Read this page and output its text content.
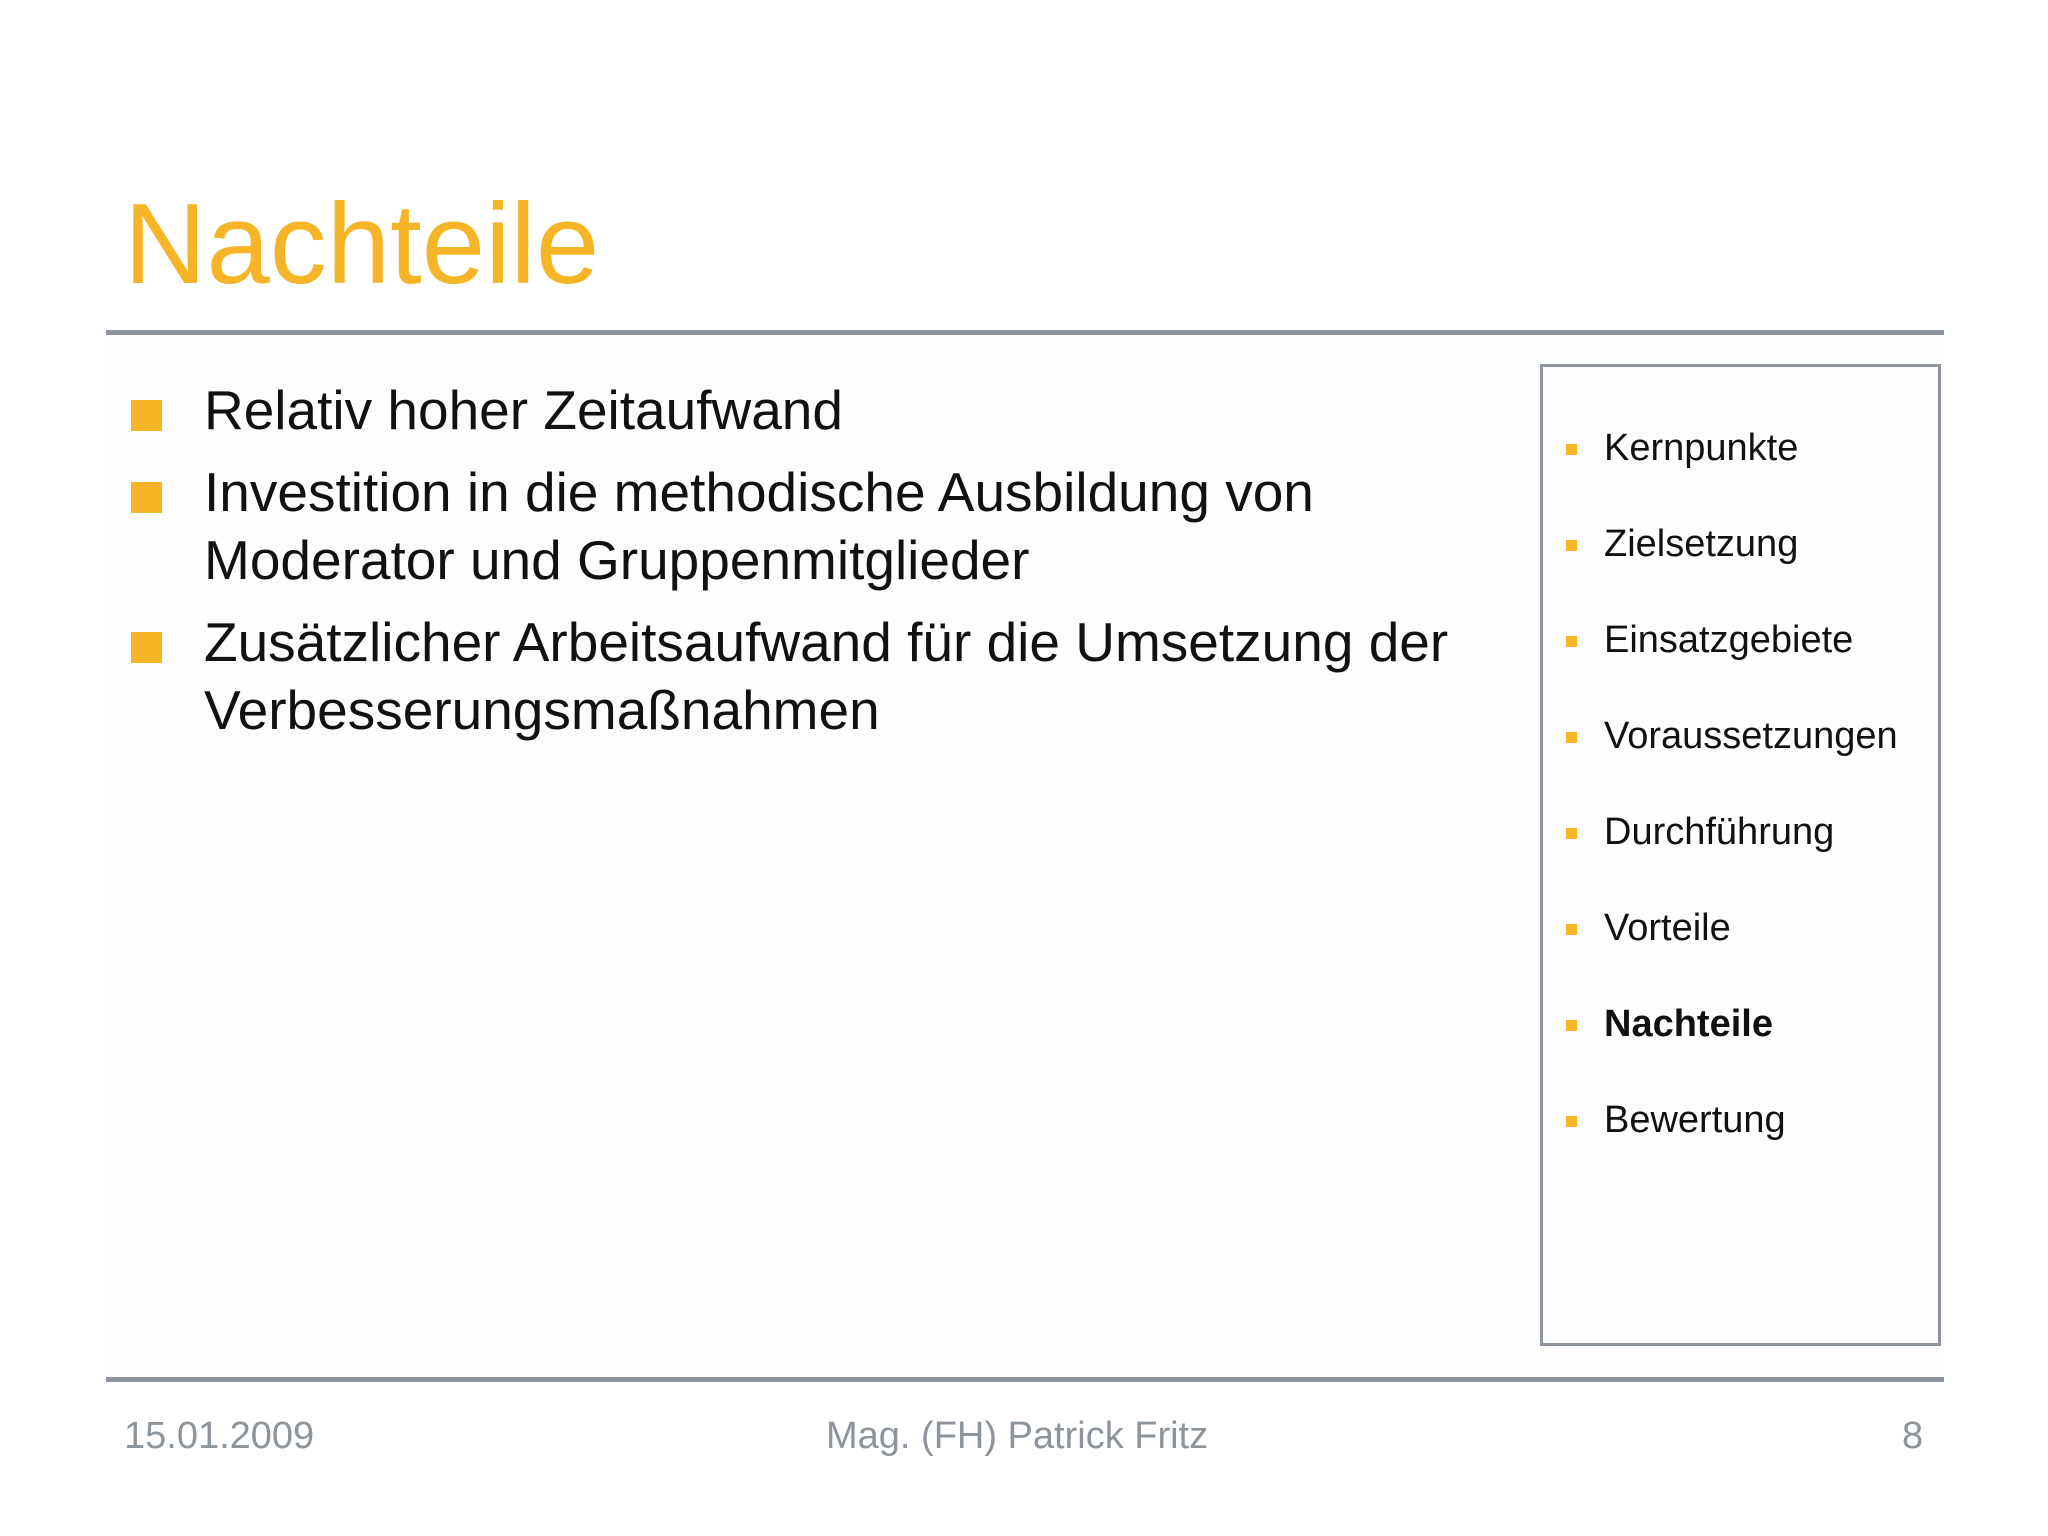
Nachteile
Relativ hoher Zeitaufwand
Investition in die methodische Ausbildung von Moderator und Gruppenmitglieder
Zusätzlicher Arbeitsaufwand für die Umsetzung der Verbesserungsmaßnahmen
Kernpunkte
Zielsetzung
Einsatzgebiete
Voraussetzungen
Durchführung
Vorteile
Nachteile
Bewertung
15.01.2009	Mag. (FH) Patrick Fritz	8
